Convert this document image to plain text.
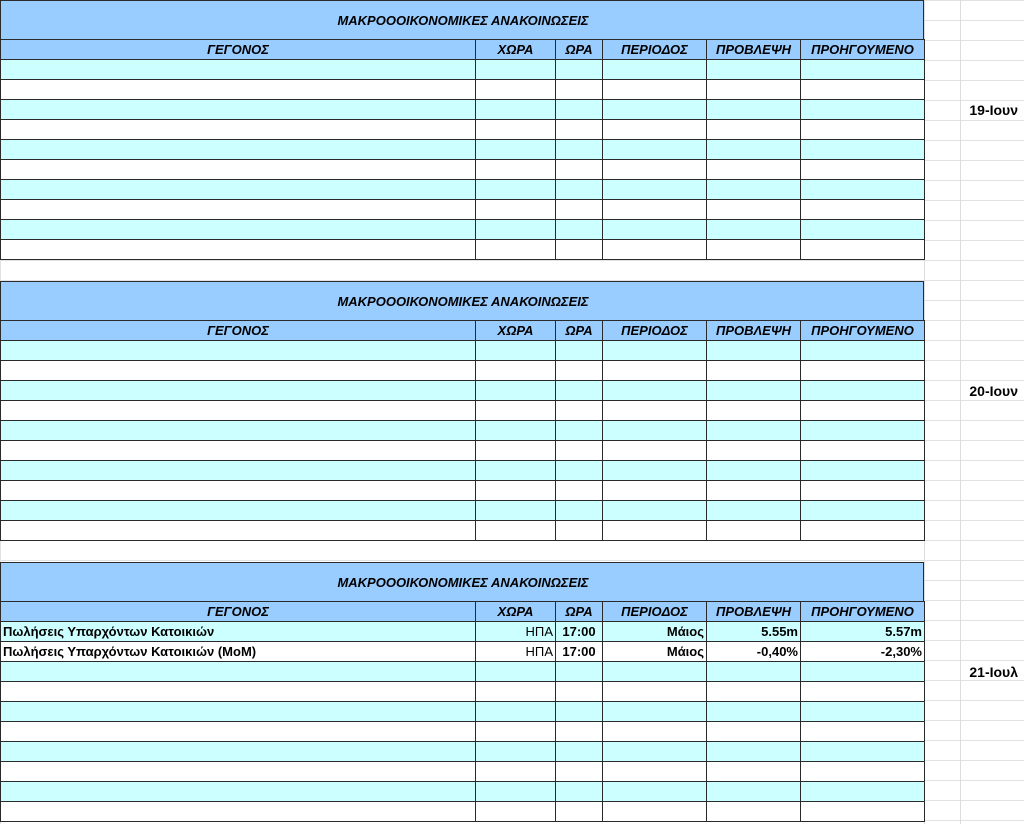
ΜΑΚΡΟΟΟΙΚΟΝΟΜΙΚΕΣ ΑΝΑΚΟΙΝΩΣΕΙΣ
ΓΕΓΟΝΟΣ	ΧΩΡΑ	ΩΡΑ	ΠΕΡΙΟΔΟΣ	ΠΡΟΒΛΕΨΗ	ΠΡΟΗΓΟΥΜΕΝΟ

19-Ιουν
ΜΑΚΡΟΟΟΙΚΟΝΟΜΙΚΕΣ ΑΝΑΚΟΙΝΩΣΕΙΣ
ΓΕΓΟΝΟΣ	ΧΩΡΑ	ΩΡΑ	ΠΕΡΙΟΔΟΣ	ΠΡΟΒΛΕΨΗ	ΠΡΟΗΓΟΥΜΕΝΟ

20-Ιουν
ΜΑΚΡΟΟΟΙΚΟΝΟΜΙΚΕΣ ΑΝΑΚΟΙΝΩΣΕΙΣ
ΓΕΓΟΝΟΣ	ΧΩΡΑ	ΩΡΑ	ΠΕΡΙΟΔΟΣ	ΠΡΟΒΛΕΨΗ	ΠΡΟΗΓΟΥΜΕΝΟ
Πωλήσεις Υπαρχόντων Κατοικιών	ΗΠΑ	17:00	Μάιος	5.55m	5.57m
Πωλήσεις Υπαρχόντων Κατοικιών (MoM)	ΗΠΑ	17:00	Μάιος	-0,40%	-2,30%

21-Ιουλ
